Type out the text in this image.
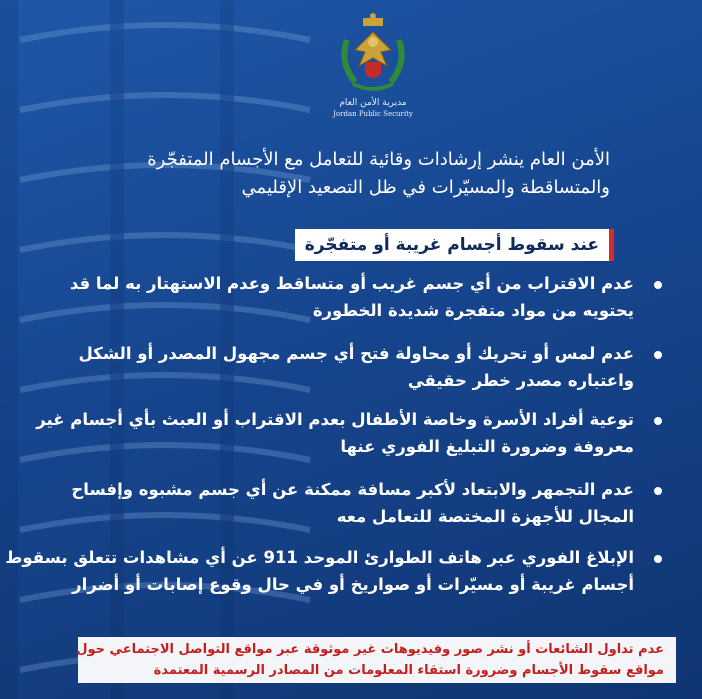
مديرية الأمن العام
Jordan Public Security
الأمن العام ينشر إرشادات وقائية للتعامل مع الأجسام المتفجّرة
والمتساقطة والمسيّرات في ظل التصعيد الإقليمي
عند سقوط أجسام غريبة أو متفجّرة
عدم الاقتراب من أي جسم غريب أو متساقط وعدم الاستهتار به لما قد
يحتويه من مواد متفجرة شديدة الخطورة
عدم لمس أو تحريك أو محاولة فتح أي جسم مجهول المصدر أو الشكل
واعتباره مصدر خطر حقيقي
توعية أفراد الأسرة وخاصة الأطفال بعدم الاقتراب أو العبث بأي أجسام غير
معروفة وضرورة التبليغ الفوري عنها
عدم التجمهر والابتعاد لأكبر مسافة ممكنة عن أي جسم مشبوه وإفساح
المجال للأجهزة المختصة للتعامل معه
الإبلاغ الفوري عبر هاتف الطوارئ الموحد 911 عن أي مشاهدات تتعلق بسقوط
أجسام غريبة أو مسيّرات أو صواريخ أو في حال وقوع إصابات أو أضرار
عدم تداول الشائعات أو نشر صور وفيديوهات غير موثوقة عبر مواقع التواصل الاجتماعي حول
مواقع سقوط الأجسام وضرورة استقاء المعلومات من المصادر الرسمية المعتمدة
